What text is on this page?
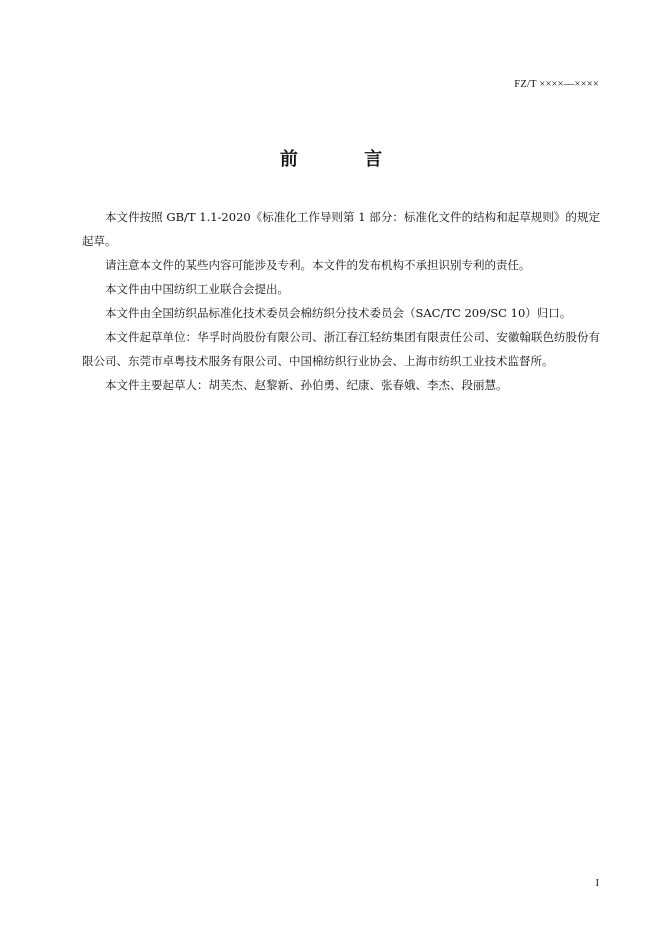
FZ/T ××××—××××
前 言

本文件按照 GB/T 1.1-2020《标准化工作导则第 1 部分：标准化文件的结构和起草规则》的规定起草。

请注意本文件的某些内容可能涉及专利。本文件的发布机构不承担识别专利的责任。

本文件由中国纺织工业联合会提出。

本文件由全国纺织品标准化技术委员会棉纺织分技术委员会（SAC/TC 209/SC 10）归口。

本文件起草单位：华孚时尚股份有限公司、浙江春江轻纺集团有限责任公司、安徽翰联色纺股份有限公司、东莞市卓粤技术服务有限公司、中国棉纺织行业协会、上海市纺织工业技术监督所。

本文件主要起草人：胡芙杰、赵黎新、孙伯勇、纪康、张春娥、李杰、段丽慧。

I
